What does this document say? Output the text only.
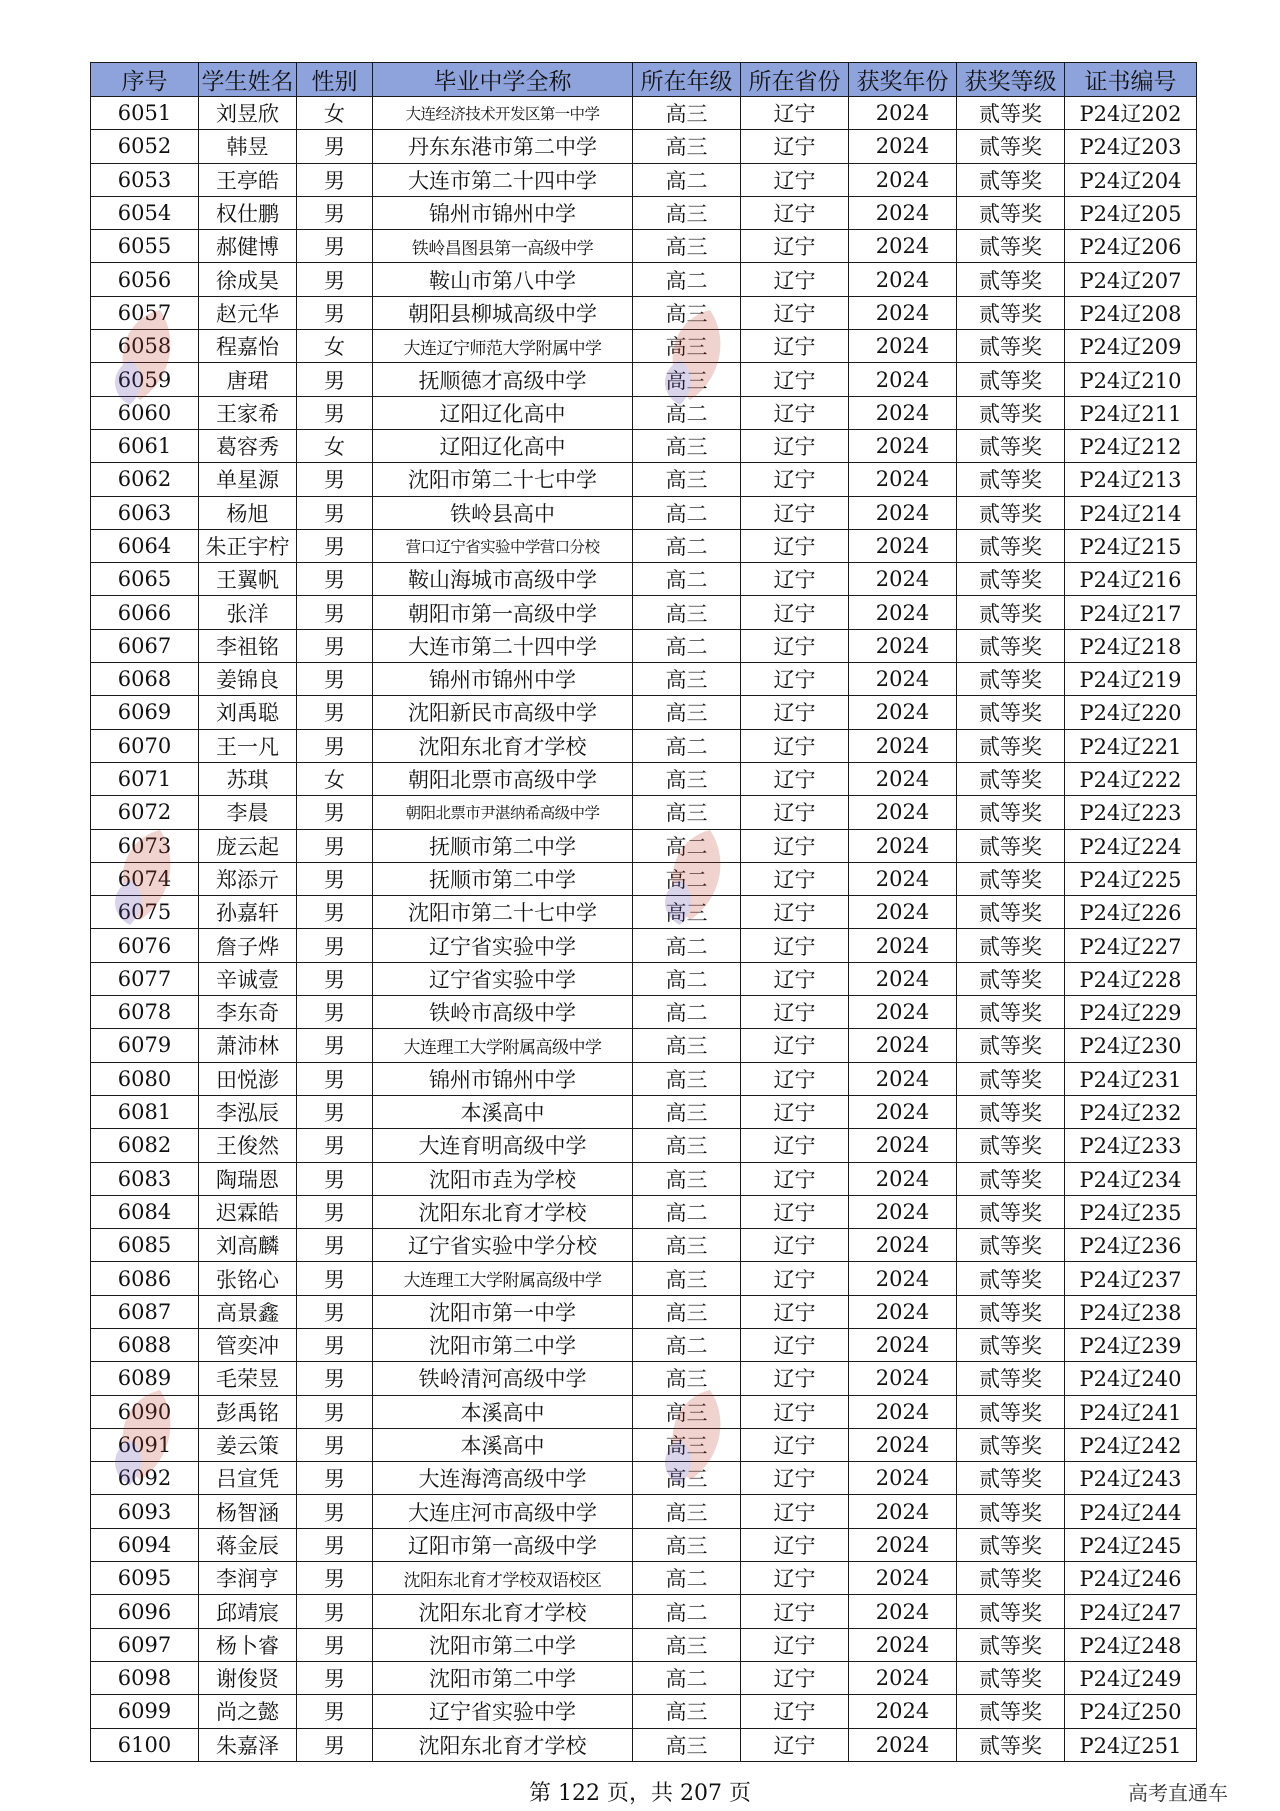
序号	学生姓名	性别	毕业中学全称	所在年级	所在省份	获奖年份	获奖等级	证书编号
6051	刘昱欣	女	大连经济技术开发区第一中学	高三	辽宁	2024	贰等奖	P24辽202
6052	韩昱	男	丹东东港市第二中学	高三	辽宁	2024	贰等奖	P24辽203
6053	王亭皓	男	大连市第二十四中学	高二	辽宁	2024	贰等奖	P24辽204
6054	权仕鹏	男	锦州市锦州中学	高三	辽宁	2024	贰等奖	P24辽205
6055	郝健博	男	铁岭昌图县第一高级中学	高三	辽宁	2024	贰等奖	P24辽206
6056	徐成昊	男	鞍山市第八中学	高二	辽宁	2024	贰等奖	P24辽207
6057	赵元华	男	朝阳县柳城高级中学	高三	辽宁	2024	贰等奖	P24辽208
6058	程嘉怡	女	大连辽宁师范大学附属中学	高三	辽宁	2024	贰等奖	P24辽209
6059	唐珺	男	抚顺德才高级中学	高三	辽宁	2024	贰等奖	P24辽210
6060	王家希	男	辽阳辽化高中	高二	辽宁	2024	贰等奖	P24辽211
6061	葛容秀	女	辽阳辽化高中	高三	辽宁	2024	贰等奖	P24辽212
6062	单星源	男	沈阳市第二十七中学	高三	辽宁	2024	贰等奖	P24辽213
6063	杨旭	男	铁岭县高中	高二	辽宁	2024	贰等奖	P24辽214
6064	朱正宇柠	男	营口辽宁省实验中学营口分校	高二	辽宁	2024	贰等奖	P24辽215
6065	王翼帆	男	鞍山海城市高级中学	高二	辽宁	2024	贰等奖	P24辽216
6066	张洋	男	朝阳市第一高级中学	高三	辽宁	2024	贰等奖	P24辽217
6067	李祖铭	男	大连市第二十四中学	高二	辽宁	2024	贰等奖	P24辽218
6068	姜锦良	男	锦州市锦州中学	高三	辽宁	2024	贰等奖	P24辽219
6069	刘禹聪	男	沈阳新民市高级中学	高三	辽宁	2024	贰等奖	P24辽220
6070	王一凡	男	沈阳东北育才学校	高二	辽宁	2024	贰等奖	P24辽221
6071	苏琪	女	朝阳北票市高级中学	高三	辽宁	2024	贰等奖	P24辽222
6072	李晨	男	朝阳北票市尹湛纳希高级中学	高三	辽宁	2024	贰等奖	P24辽223
6073	庞云起	男	抚顺市第二中学	高二	辽宁	2024	贰等奖	P24辽224
6074	郑添亓	男	抚顺市第二中学	高二	辽宁	2024	贰等奖	P24辽225
6075	孙嘉轩	男	沈阳市第二十七中学	高三	辽宁	2024	贰等奖	P24辽226
6076	詹子烨	男	辽宁省实验中学	高二	辽宁	2024	贰等奖	P24辽227
6077	辛诚壹	男	辽宁省实验中学	高二	辽宁	2024	贰等奖	P24辽228
6078	李东奇	男	铁岭市高级中学	高二	辽宁	2024	贰等奖	P24辽229
6079	萧沛林	男	大连理工大学附属高级中学	高三	辽宁	2024	贰等奖	P24辽230
6080	田悦澎	男	锦州市锦州中学	高三	辽宁	2024	贰等奖	P24辽231
6081	李泓辰	男	本溪高中	高三	辽宁	2024	贰等奖	P24辽232
6082	王俊然	男	大连育明高级中学	高三	辽宁	2024	贰等奖	P24辽233
6083	陶瑞恩	男	沈阳市垚为学校	高三	辽宁	2024	贰等奖	P24辽234
6084	迟霖皓	男	沈阳东北育才学校	高二	辽宁	2024	贰等奖	P24辽235
6085	刘高麟	男	辽宁省实验中学分校	高三	辽宁	2024	贰等奖	P24辽236
6086	张铭心	男	大连理工大学附属高级中学	高三	辽宁	2024	贰等奖	P24辽237
6087	高景鑫	男	沈阳市第一中学	高三	辽宁	2024	贰等奖	P24辽238
6088	管奕冲	男	沈阳市第二中学	高二	辽宁	2024	贰等奖	P24辽239
6089	毛荣昱	男	铁岭清河高级中学	高三	辽宁	2024	贰等奖	P24辽240
6090	彭禹铭	男	本溪高中	高三	辽宁	2024	贰等奖	P24辽241
6091	姜云策	男	本溪高中	高三	辽宁	2024	贰等奖	P24辽242
6092	吕宣凭	男	大连海湾高级中学	高三	辽宁	2024	贰等奖	P24辽243
6093	杨智涵	男	大连庄河市高级中学	高三	辽宁	2024	贰等奖	P24辽244
6094	蒋金辰	男	辽阳市第一高级中学	高三	辽宁	2024	贰等奖	P24辽245
6095	李润亨	男	沈阳东北育才学校双语校区	高二	辽宁	2024	贰等奖	P24辽246
6096	邱靖宸	男	沈阳东北育才学校	高二	辽宁	2024	贰等奖	P24辽247
6097	杨卜睿	男	沈阳市第二中学	高三	辽宁	2024	贰等奖	P24辽248
6098	谢俊贤	男	沈阳市第二中学	高二	辽宁	2024	贰等奖	P24辽249
6099	尚之懿	男	辽宁省实验中学	高三	辽宁	2024	贰等奖	P24辽250
6100	朱嘉泽	男	沈阳东北育才学校	高三	辽宁	2024	贰等奖	P24辽251
第 122 页，共 207 页	高考直通车
